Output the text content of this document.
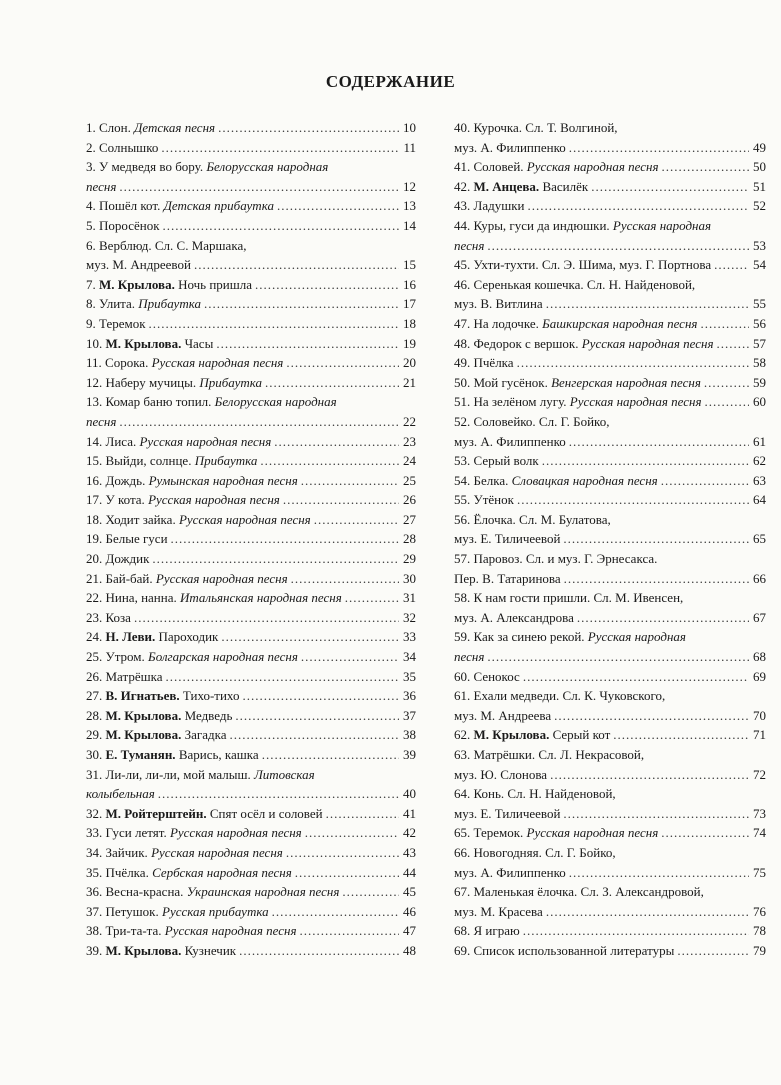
СОДЕРЖАНИЕ
1. Слон. Детская песня .....	10
2. Солнышко .....	11
3. У медведя во бору. Белорусская народная
песня .....	12
4. Пошёл кот. Детская прибаутка .....	13
5. Поросёнок .....	14
6. Верблюд. Сл. С. Маршака,
муз. М. Андреевой .....	15
7. М. Крылова. Ночь пришла .....	16
8. Улита. Прибаутка .....	17
9. Теремок .....	18
10. М. Крылова. Часы .....	19
11. Сорока. Русская народная песня .....	20
12. Наберу мучицы. Прибаутка .....	21
13. Комар баню топил. Белорусская народная
песня .....	22
14. Лиса. Русская народная песня .....	23
15. Выйди, солнце. Прибаутка .....	24
16. Дождь. Румынская народная песня .....	25
17. У кота. Русская народная песня .....	26
18. Ходит зайка. Русская народная песня .....	27
19. Белые гуси .....	28
20. Дождик .....	29
21. Бай-бай. Русская народная песня .....	30
22. Нина, нанна. Итальянская народная песня .....	31
23. Коза .....	32
24. Н. Леви. Пароходик .....	33
25. Утром. Болгарская народная песня .....	34
26. Матрёшка .....	35
27. В. Игнатьев. Тихо-тихо .....	36
28. М. Крылова. Медведь .....	37
29. М. Крылова. Загадка .....	38
30. Е. Туманян. Варись, кашка .....	39
31. Ли-ли, ли-ли, мой малыш. Литовская
колыбельная .....	40
32. М. Ройтерштейн. Спят осёл и соловей .....	41
33. Гуси летят. Русская народная песня .....	42
34. Зайчик. Русская народная песня .....	43
35. Пчёлка. Сербская народная песня .....	44
36. Весна-красна. Украинская народная песня .....	45
37. Петушок. Русская прибаутка .....	46
38. Три-та-та. Русская народная песня .....	47
39. М. Крылова. Кузнечик .....	48
40. Курочка. Сл. Т. Волгиной,
муз. А. Филиппенко .....	49
41. Соловей. Русская народная песня .....	50
42. М. Анцева. Василёк .....	51
43. Ладушки .....	52
44. Куры, гуси да индюшки. Русская народная
песня .....	53
45. Ухти-тухти. Сл. Э. Шима, муз. Г. Портнова .....	54
46. Серенькая кошечка. Сл. Н. Найденовой,
муз. В. Витлина .....	55
47. На лодочке. Башкирская народная песня .....	56
48. Федорок с вершок. Русская народная песня .....	57
49. Пчёлка .....	58
50. Мой гусёнок. Венгерская народная песня .....	59
51. На зелёном лугу. Русская народная песня .....	60
52. Соловейко. Сл. Г. Бойко,
муз. А. Филиппенко .....	61
53. Серый волк .....	62
54. Белка. Словацкая народная песня .....	63
55. Утёнок .....	64
56. Ёлочка. Сл. М. Булатова,
муз. Е. Тиличеевой .....	65
57. Паровоз. Сл. и муз. Г. Эрнесакса.
Пер. В. Татаринова .....	66
58. К нам гости пришли. Сл. М. Ивенсен,
муз. А. Александрова .....	67
59. Как за синею рекой. Русская народная
песня .....	68
60. Сенокос .....	69
61. Ехали медведи. Сл. К. Чуковского,
муз. М. Андреева .....	70
62. М. Крылова. Серый кот .....	71
63. Матрёшки. Сл. Л. Некрасовой,
муз. Ю. Слонова .....	72
64. Конь. Сл. Н. Найденовой,
муз. Е. Тиличеевой .....	73
65. Теремок. Русская народная песня .....	74
66. Новогодняя. Сл. Г. Бойко,
муз. А. Филиппенко .....	75
67. Маленькая ёлочка. Сл. З. Александровой,
муз. М. Красева .....	76
68. Я играю .....	78
69. Список использованной литературы .....	79
